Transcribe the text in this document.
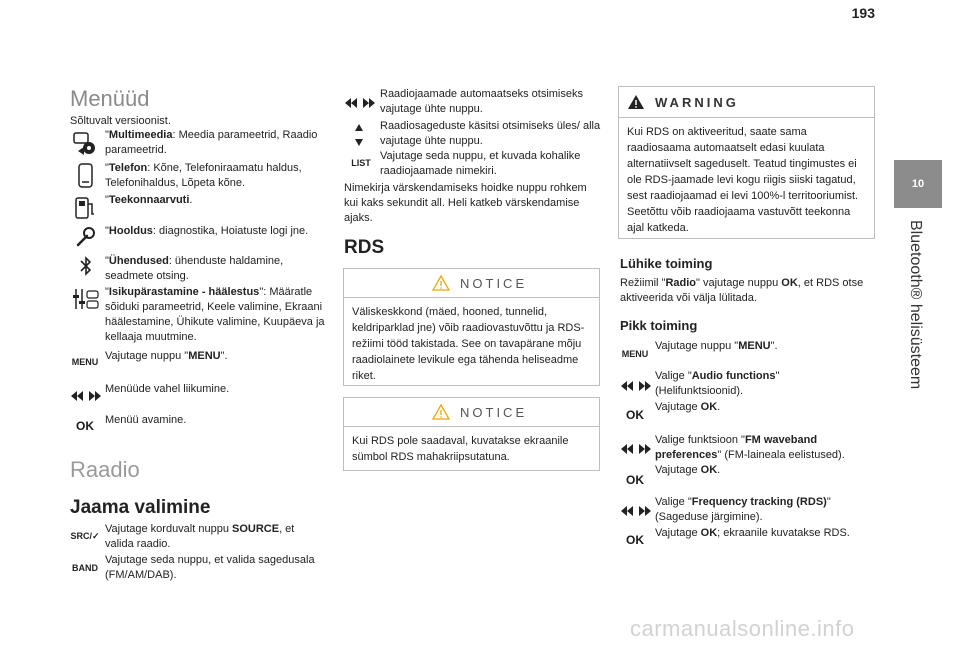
193
10
Bluetooth® helisüsteem
Menüüd
Sõltuvalt versioonist.
"Multimeedia: Meedia parameetrid, Raadio parameetrid.
"Telefon: Kõne, Telefoniraamatu haldus, Telefonihaldus, Lõpeta kõne.
"Teekonnaarvuti.
"Hooldus: diagnostika, Hoiatuste logi jne.
"Ühendused: ühenduste haldamine, seadmete otsing.
"Isikupärastamine - häälestus": Määratle sõiduki parameetrid, Keele valimine, Ekraani häälestamine, Ühikute valimine, Kuupäeva ja kellaaja muutmine.
MENU Vajutage nuppu "MENU".
Menüüde vahel liikumine.
OK	Menüü avamine.
Raadio
Jaama valimine
SRC/✓
Vajutage korduvalt nuppu SOURCE, et valida raadio.
BAND
Vajutage seda nuppu, et valida sagedusala (FM/AM/DAB).
Raadiojaamade automaatseks otsimiseks vajutage ühte nuppu.
Raadiosageduste käsitsi otsimiseks üles/ alla vajutage ühte nuppu.
LIST
Vajutage seda nuppu, et kuvada kohalike raadiojaamade nimekiri.
Nimekirja värskendamiseks hoidke nuppu rohkem kui kaks sekundit all. Heli katkeb värskendamise ajaks.
RDS
NOTICE
Väliskeskkond (mäed, hooned, tunnelid, keldriparklad jne) võib raadiovastuvõttu ja RDS-režiimi tööd takistada. See on tavapärane mõju raadiolainete levikule ega tähenda heliseadme riket.
NOTICE
Kui RDS pole saadaval, kuvatakse ekraanile sümbol RDS mahakriipsutatuna.
WARNING
Kui RDS on aktiveeritud, saate sama raadiosaama automaatselt edasi kuulata alternatiivselt sageduselt. Teatud tingimustes ei ole RDS-jaamade levi kogu riigis siiski tagatud, sest raadiojaamad ei levi 100%-l territooriumist. Seetõttu võib raadiojaama vastuvõtt teekonna ajal katkeda.
Lühike toiming
Režiimil "Radio" vajutage nuppu OK, et RDS otse aktiveerida või välja lülitada.
Pikk toiming
MENU
Vajutage nuppu "MENU".
Valige "Audio functions" (Helifunktsioonid).
OK
Vajutage OK.
Valige funktsioon "FM waveband preferences" (FM-laineala eelistused).
OK
Vajutage OK.
Valige "Frequency tracking (RDS)" (Sageduse järgimine).
OK	Vajutage OK; ekraanile kuvatakse RDS.
carmanualsonline.info
